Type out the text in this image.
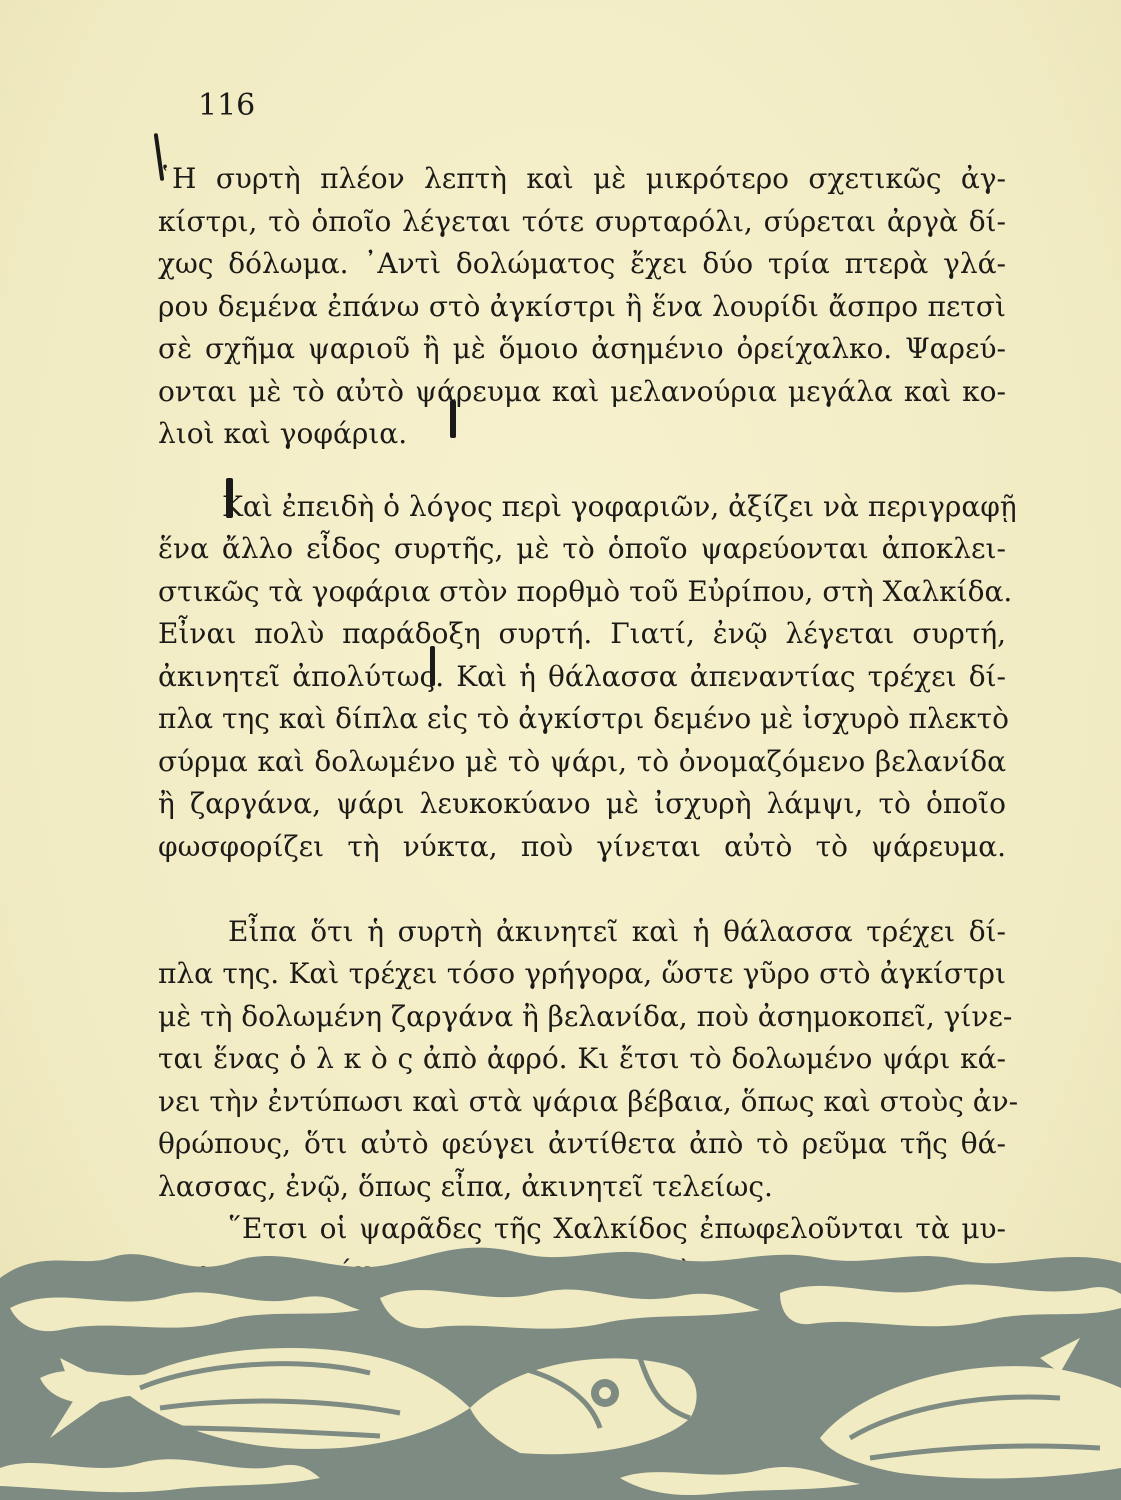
116
῾Η συρτὴ πλέον λεπτὴ καὶ μὲ μικρότερο σχετικῶς ἀγ-
κίστρι, τὸ ὁποῖο λέγεται τότε συρταρόλι, σύρεται ἀργὰ δί-
χως δόλωμα. ᾿Αντὶ δολώματος ἔχει δύο τρία πτερὰ γλά-
ρου δεμένα ἐπάνω στὸ ἀγκίστρι ἢ ἕνα λουρίδι ἄσπρο πετσὶ
σὲ σχῆμα ψαριοῦ ἢ μὲ ὅμοιο ἀσημένιο ὀρείχαλκο. Ψαρεύ-
ονται μὲ τὸ αὐτὸ ψάρευμα καὶ μελανούρια μεγάλα καὶ κο-
λιοὶ καὶ γοφάρια.
Καὶ ἐπειδὴ ὁ λόγος περὶ γοφαριῶν, ἀξίζει νὰ περιγραφῇ
ἕνα ἄλλο εἶδος συρτῆς, μὲ τὸ ὁποῖο ψαρεύονται ἀποκλει-
στικῶς τὰ γοφάρια στὸν πορθμὸ τοῦ Εὐρίπου, στὴ Χαλκίδα.
Εἶναι πολὺ παράδοξη συρτή. Γιατί, ἐνῷ λέγεται συρτή,
ἀκινητεῖ ἀπολύτως. Καὶ ἡ θάλασσα ἀπεναντίας τρέχει δί-
πλα της καὶ δίπλα εἰς τὸ ἀγκίστρι δεμένο μὲ ἰσχυρὸ πλεκτὸ
σύρμα καὶ δολωμένο μὲ τὸ ψάρι, τὸ ὀνομαζόμενο βελανίδα
ἢ ζαργάνα, ψάρι λευκοκύανο μὲ ἰσχυρὴ λάμψι, τὸ ὁποῖο
φωσφορίζει τὴ νύκτα, ποὺ γίνεται αὐτὸ τὸ ψάρευμα.
Εἶπα ὅτι ἡ συρτὴ ἀκινητεῖ καὶ ἡ θάλασσα τρέχει δί-
πλα της. Καὶ τρέχει τόσο γρήγορα, ὥστε γῦρο στὸ ἀγκίστρι
μὲ τὴ δολωμένη ζαργάνα ἢ βελανίδα, ποὺ ἀσημοκοπεῖ, γίνε-
ται ἕνας ὁ λ κ ὸ ς ἀπὸ ἀφρό. Κι ἔτσι τὸ δολωμένο ψάρι κά-
νει τὴν ἐντύπωσι καὶ στὰ ψάρια βέβαια, ὅπως καὶ στοὺς ἀν-
θρώπους, ὅτι αὐτὸ φεύγει ἀντίθετα ἀπὸ τὸ ρεῦμα τῆς θά-
λασσας, ἐνῷ, ὅπως εἶπα, ἀκινητεῖ τελείως.
῞Ετσι οἱ ψαρᾶδες τῆς Χαλκίδος ἐπωφελοῦνται τὰ μυ-
